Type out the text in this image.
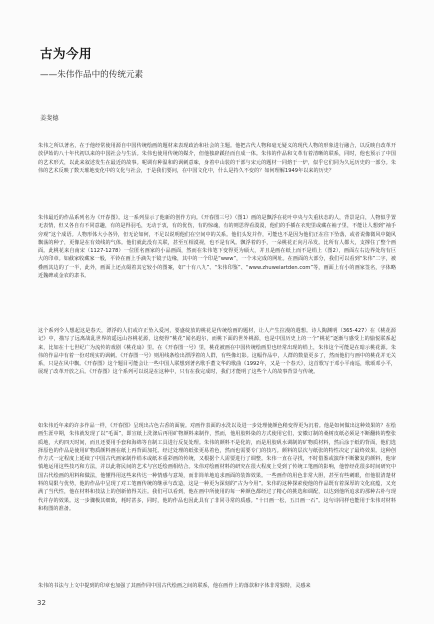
古为今用
——朱伟作品中的传统元素
姜斐德

朱伟之所以著名，在于他经常使用源自中国传统绘画的题材来表现政治和社会的主题。他把古代人物和毫无疑义的现代人物的形象进行融合，以反映自改革开放伊始的八十年代初以来的中国社会与生活。朱伟也使用传统的媒介，但他独辟蹊径而自成一体。朱伟的作品和文革有着清晰的联系，同时，他也预示了中国的艺术形式，以此来叙述发生在最近的故事。呢调有种温和的讽刺意味，身着中山装的干部与宋元的题材一同熔于一炉，似乎它们同为久远历史的一部分。朱伟的艺术反映了数天璀地变化中的文化与社会，于是我们要问，在中国文化中，什么是持久不变的？如何理解1949年以来的历史？

朱伟最近的作品系列名为《开春图》。这一系列显示了他新的创作方向。《开春图三号》（图1）画的是飘浮在花叶中央与失重状态的人，背景是白，人物似乎置无表情，但又各自有不同意趣，有的是得羽毛，无动于衷，有的优伤，有的惊魂，有的则思得看漠漠，他们的手插在衣兜里或藏在袖子里，不能让人想到“袖手旁观”这个成语。人物形体大小各异，但无论如何，不足以说明他们在空间中的关系。他们头发并作，可能也不是因为他们正在往下坠落，或者说像微风中随风飘荡的种子，更像是在有效线的气体。他们就此没有关联，甚至互相漠视，也不是有风。飘浮着的手，一朵桃花正向月吊发。比所有人都大，支撑住了整个画面。此桃花来自南宋（1127-1278）一位匿名画家的小品画面，然而在朱伟笔下变得更为硕大，并且是画在纸上而不是绢上（图2），画面左右边界处均有巨大的印章。如截家收藏家一般，平铃在画上手滴失于镜子边缘，其中的一个印是“www”，一个未完成的网址。在画面的大部分，我们可以看到“朱伟”二字，被叠画其边的了一半，此外，画面上还点缀着其它较小的图案，如“十有八九”、“朱伟印鉴”、“www.zhuweiartden.com”等，画面上有小的画家签名，字体略近魏碑或金农的隶书。

这个系列令人想起这是春天，漂浮的人们或许正坠入爱河，要盛绽放的桃花是传统绘画的题材，让人产生拉漫的遐想。诗人陶渊明（365-427）在《桃花源记》中，描写了远离战乱世界的遥远山谷桃花源，这便得“桃花”闻名遐尔，而桃下面的世外桃源，也是中国历史上的一个“桃花”逐渐与感受上的愉悦联系起来，比如在十七世纪广为流传的戏剧《桃花扇》里。在《开春图一号》里，桃花被画在中国传统绘画里也经常出现的绢上，朱伟这个可能是在暗示桃花源。朱伟的作品中有着一份对现实的讽刺。《开春图一号》则用线条绘出漂浮着的人群，有些像幻影。这幅作品中，人群的数量更多了，然而他们与画中的桃花并无关系，只是在风中飘。《开春图》这个题目可能会让一些中国人联想到著名歌手董文华的歌曲《1992年，又是一个春天》，这首歌写于邓小平南巡，歌颂邓小平，展现了改革开放之后。《开春图》这个系列可以说是在这种中，只有在我完成时，我们才能明了这些个人的故事背景与传统。

如朱伟近年来的许多作品一样，《开春图》呈现出古色古香的面貌。对画作表面的水洗以及进一步处理使颜色稍变得更为沉着。他是如何做出这种效果的？在绘画生涯中期，朱伟就发现了以“毛面”，即宣纸上洗涤后再用矿物颜料来制作，然而，他用胶料染的方式使用它们，安徽订制的桑树皮纸必须是不断翻转的整张质地，大约四天时间，而且还要用手套和海绵等自制工具进行反复处理。朱伟的颜料不是化的，而是用胶矾水调制的矿物质材料，然后涂于纸的背面，他们选择原色的作品是使用矿物质颜料画在纸上再背面加托。经过处理的纸张更易着色，然而也需要专门的技巧。颜料的层次与纸张的特性决定了最终效果。这种创作方式一定程度上延续了中国古代画家制作绢本或纸本重彩画的传统，又根据个人需要进行了调整。朱伟一直在寻找，不时借鉴或演绎不断繁复的颜料，他审慎地运用这些技巧和方法，并以此将民间的艺术与宫廷绘画相结合。朱伟对绘画材料的研究在很大程度上受到了传统工笔画的影响，他曾经花很多时间研究中国古代绘画的用料和做法，他懂得用这些来传达一种情感与意境，而非简单地追求画面的装饰效果。一些画作的用色非常大胆，甚至有些刺眼，但他很清楚材料的局限与优势，他的作品中呈现了对工笔画传统的继承与改造，这是一种更为深刻的“古为今用”。朱伟的这种探索使他的作品既有着深厚的文化底蕴，又充满了当代性，他在材料和技法上的创新值得关注。我们可以看到，他在画中所使用的每一种颜色都经过了精心的挑选和调配，以达到他所追求的那种古朴与现代并存的效果。这一步骤极其细致，耗时甚多，同时，他的作品也因此具有了非同寻常的质感。“十日画一松，五日画一石”。这句诗同样也能用于朱伟对材料和构图的准备。

朱伟的书法与上文中提到的印章也加强了其画作同中国古代绘画之间的联系，他在画作上的落款和字体非常独特，灵感来

32
